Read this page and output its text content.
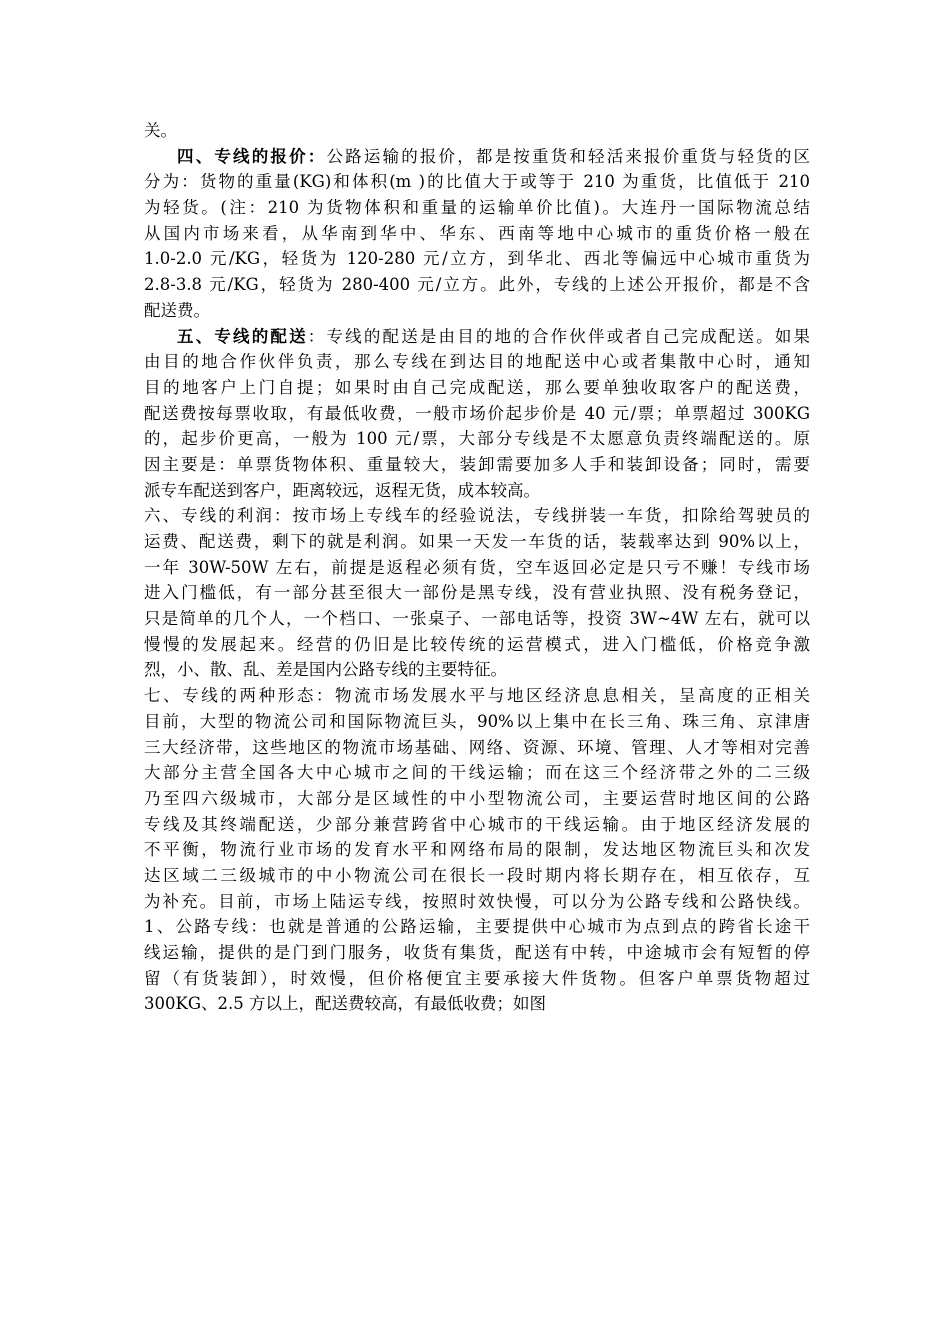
关。
四、专线的报价：公路运输的报价，都是按重货和轻活来报价重货与轻货的区
分为：货物的重量(KG)和体积(m )的比值大于或等于 210 为重货，比值低于 210
为轻货。(注：210 为货物体积和重量的运输单价比值)。大连丹一国际物流总结
从国内市场来看，从华南到华中、华东、西南等地中心城市的重货价格一般在
1.0-2.0 元/KG，轻货为 120-280 元/立方，到华北、西北等偏远中心城市重货为
2.8-3.8 元/KG，轻货为 280-400 元/立方。此外，专线的上述公开报价，都是不含
配送费。
五、专线的配送：专线的配送是由目的地的合作伙伴或者自己完成配送。如果
由目的地合作伙伴负责，那么专线在到达目的地配送中心或者集散中心时，通知
目的地客户上门自提；如果时由自己完成配送，那么要单独收取客户的配送费，
配送费按每票收取，有最低收费，一般市场价起步价是 40 元/票；单票超过 300KG
的，起步价更高，一般为 100 元/票，大部分专线是不太愿意负责终端配送的。原
因主要是：单票货物体积、重量较大，装卸需要加多人手和装卸设备；同时，需要
派专车配送到客户，距离较远，返程无货，成本较高。
六、专线的利润：按市场上专线车的经验说法，专线拼装一车货，扣除给驾驶员的
运费、配送费，剩下的就是利润。如果一天发一车货的话，装载率达到 90%以上，
一年 30W-50W 左右，前提是返程必须有货，空车返回必定是只亏不赚！专线市场
进入门槛低，有一部分甚至很大一部份是黑专线，没有营业执照、没有税务登记，
只是简单的几个人，一个档口、一张桌子、一部电话等，投资 3W~4W 左右，就可以
慢慢的发展起来。经营的仍旧是比较传统的运营模式，进入门槛低，价格竞争激
烈，小、散、乱、差是国内公路专线的主要特征。
七、专线的两种形态：物流市场发展水平与地区经济息息相关，呈高度的正相关
目前，大型的物流公司和国际物流巨头，90%以上集中在长三角、珠三角、京津唐
三大经济带，这些地区的物流市场基础、网络、资源、环境、管理、人才等相对完善
大部分主营全国各大中心城市之间的干线运输；而在这三个经济带之外的二三级
乃至四六级城市，大部分是区域性的中小型物流公司，主要运营时地区间的公路
专线及其终端配送，少部分兼营跨省中心城市的干线运输。由于地区经济发展的
不平衡，物流行业市场的发育水平和网络布局的限制，发达地区物流巨头和次发
达区域二三级城市的中小物流公司在很长一段时期内将长期存在，相互依存，互
为补充。目前，市场上陆运专线，按照时效快慢，可以分为公路专线和公路快线。
1、公路专线：也就是普通的公路运输，主要提供中心城市为点到点的跨省长途干
线运输，提供的是门到门服务，收货有集货，配送有中转，中途城市会有短暂的停
留（有货装卸），时效慢，但价格便宜主要承接大件货物。但客户单票货物超过
300KG、2.5 方以上，配送费较高，有最低收费；如图
